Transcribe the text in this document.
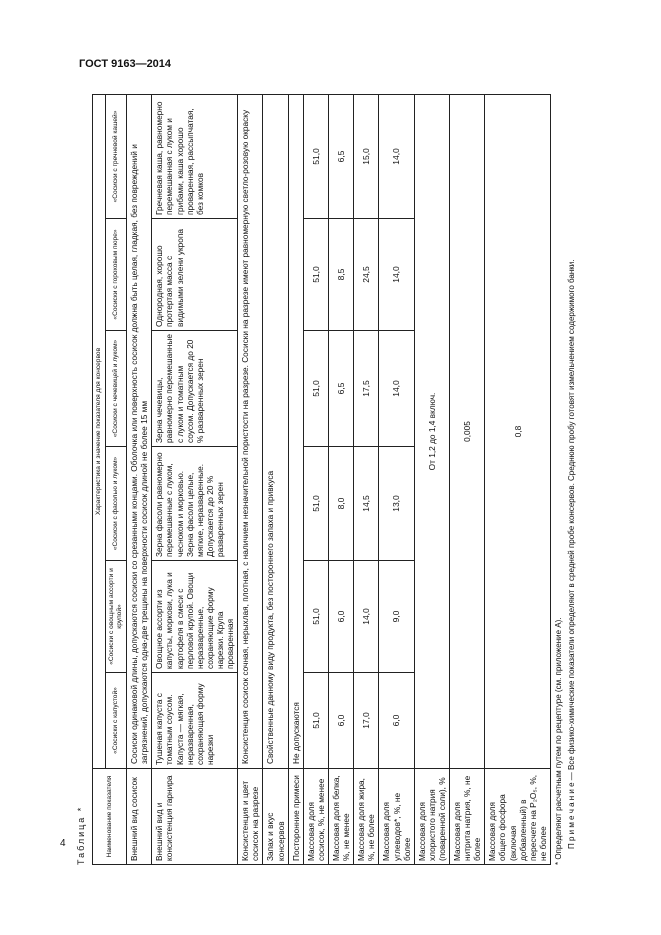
ГОСТ 9163—2014
Таблица *	Наименование показателя	Характеристика и значение показателя для консервов					
	«Сосиски с капустой»	«Сосиски с овощным ассорти и крупой»	«Сосиски с фасолью и луком»	«Сосиски с чечевицей и луком»	«Сосиски с гороховым пюре»	«Сосиски с гречневой кашей»
Внешний вид сосисок	Сосиски одинаковой длины, допускаются сосиски со срезанными концами. Оболочка или поверхность сосисок должна быть целая, гладкая, без повреждений и загрязнений, допускаются одна-две трещины на поверхности сосисок длиной не более 15 мм					
Внешний вид и консистенция гарнира	Тушеная капуста с томатным соусом. Капуста — мягкая, неразваренная, сохраняющая форму нарезки	Овощное ассорти из капусты, моркови, лука и картофеля в смеси с перловой крупой. Овощи неразваренные, сохраняющие форму нарезки. Крупа проваренная	Зерна фасоли равномерно перемешанные с луком, чесноком и морковью. Зерна фасоли целые, мягкие, неразваренные. Допускается до 20 % разваренных зерен	Зерна чечевицы, равномерно перемешанные с луком и томатным соусом. Допускается до 20 % разваренных зерен	Однородная, хорошо протертая масса с видимыми зелени укропа	Гречневая каша, равномерно перемешанная с луком и грибами, каша хорошо проваренная, рассыпчатая, без комков
Консистенция и цвет сосисок на разрезе	Консистенция сосисок сочная, нерыхлая, плотная, с наличием незначительной пористости на разрезе. Сосиски на разрезе имеют равномерную светло-розовую окраску					
Запах и вкус консервов	Свойственные данному виду продукта, без постороннего запаха и привкуса					
Посторонние примеси	Не допускаются					
Массовая доля сосисок, %, не менее	51,0	51,0	51,0	51,0	51,0	51,0
Массовая доля белка, %, не менее	6,0	6,0	8,0	6,5	8,5	6,5
Массовая доля жира, %, не более	17,0	14,0	14,5	17,5	24,5	15,0
Массовая доля углеводов*, %, не более	6,0	9,0	13,0	14,0	14,0	14,0
Массовая доля хлористого натрия (поваренной соли), %	От 1,2 до 1,4 включ.					
Массовая доля нитрита натрия, %, не более	0,005					
Массовая доля общего фосфора (включая добавленный) в пересчете на P₂O₅, %, не более	0,8					
* Определяют расчетным путем по рецептуре (см. приложение А). П р и м е ч а н и е — Все физико-химические показатели определяют в средней пробе консервов. Среднюю пробу готовят измельчением содержимого банки.
4
